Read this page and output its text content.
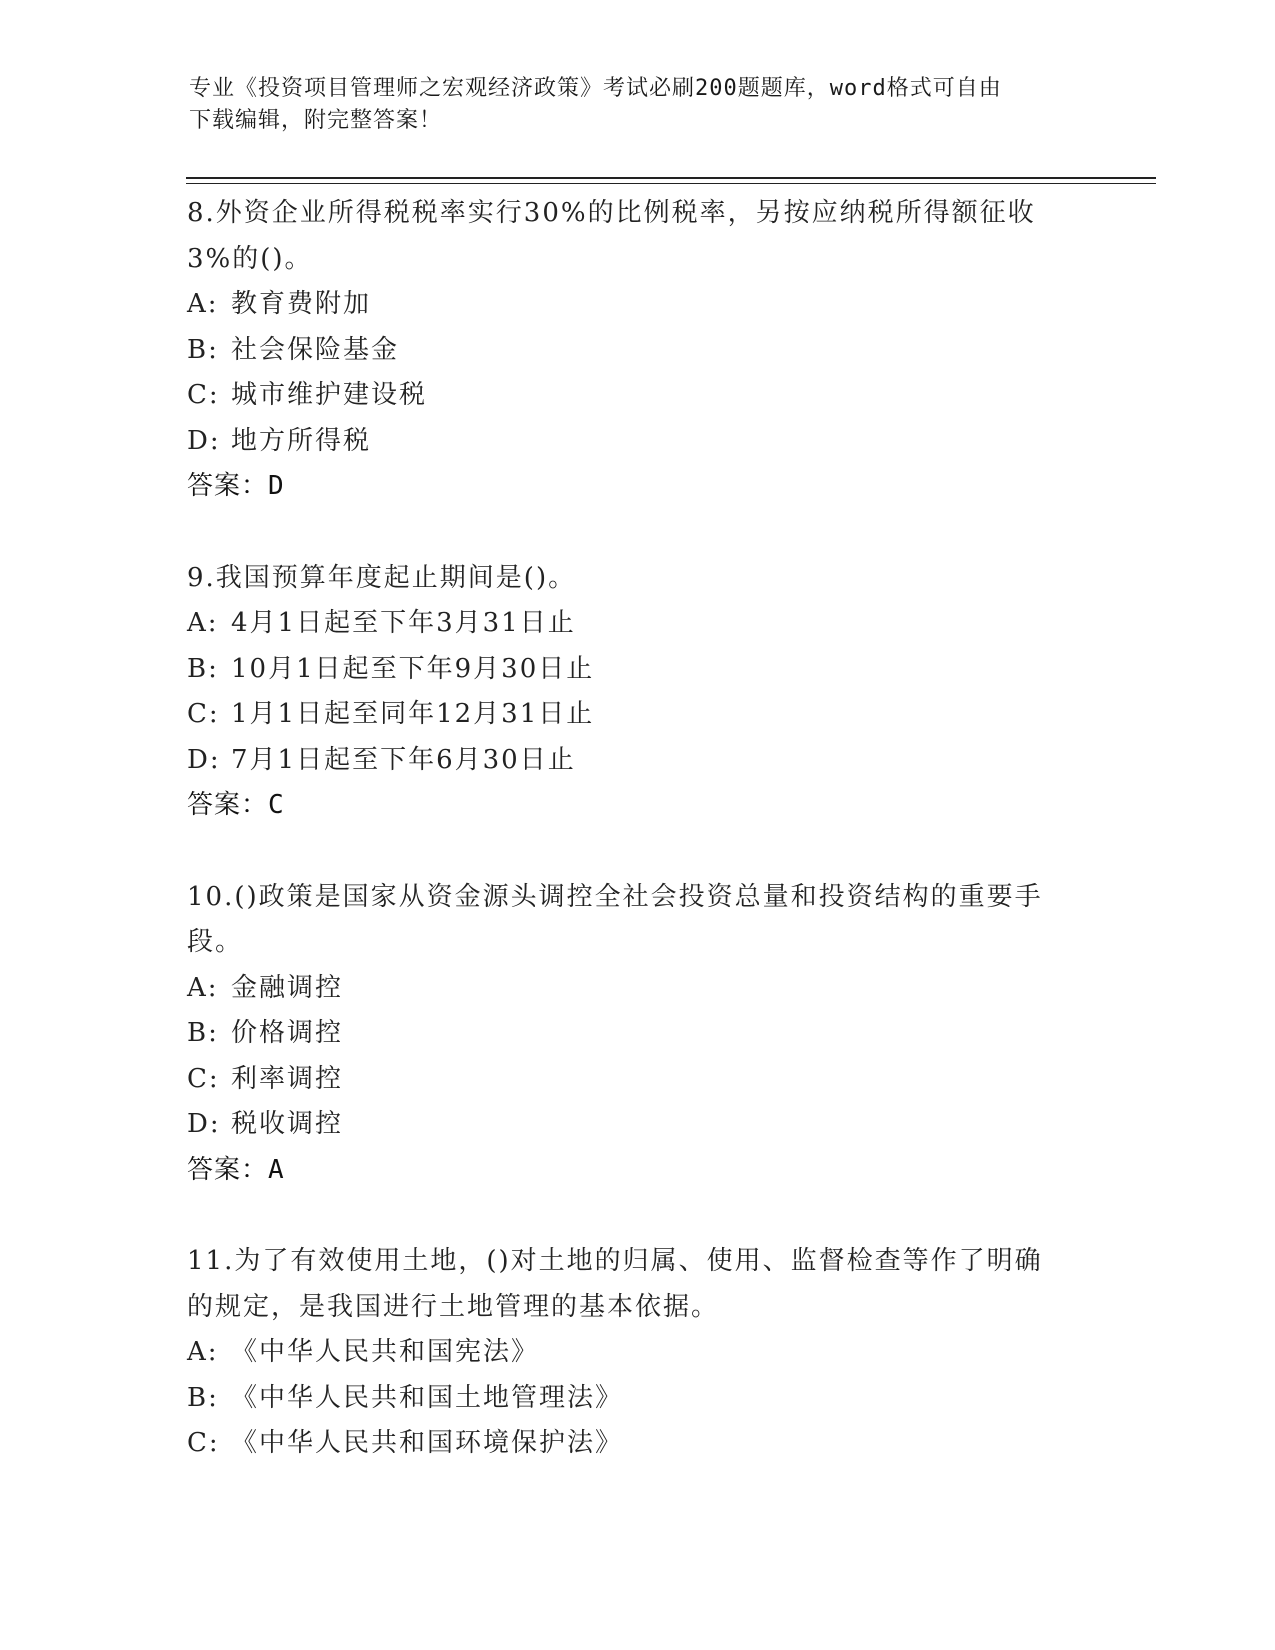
专业《投资项目管理师之宏观经济政策》考试必刷200题题库，word格式可自由
下载编辑，附完整答案！

8.外资企业所得税税率实行30%的比例税率，另按应纳税所得额征收

3%的()。

A: 教育费附加

B: 社会保险基金

C: 城市维护建设税

D: 地方所得税

答案：D

9.我国预算年度起止期间是()。

A: 4月1日起至下年3月31日止

B: 10月1日起至下年9月30日止

C: 1月1日起至同年12月31日止

D: 7月1日起至下年6月30日止

答案：C

10.()政策是国家从资金源头调控全社会投资总量和投资结构的重要手

段。

A: 金融调控

B: 价格调控

C: 利率调控

D: 税收调控

答案：A

11.为了有效使用土地，()对土地的归属、使用、监督检查等作了明确

的规定，是我国进行土地管理的基本依据。

A: 《中华人民共和国宪法》

B: 《中华人民共和国土地管理法》

C: 《中华人民共和国环境保护法》
